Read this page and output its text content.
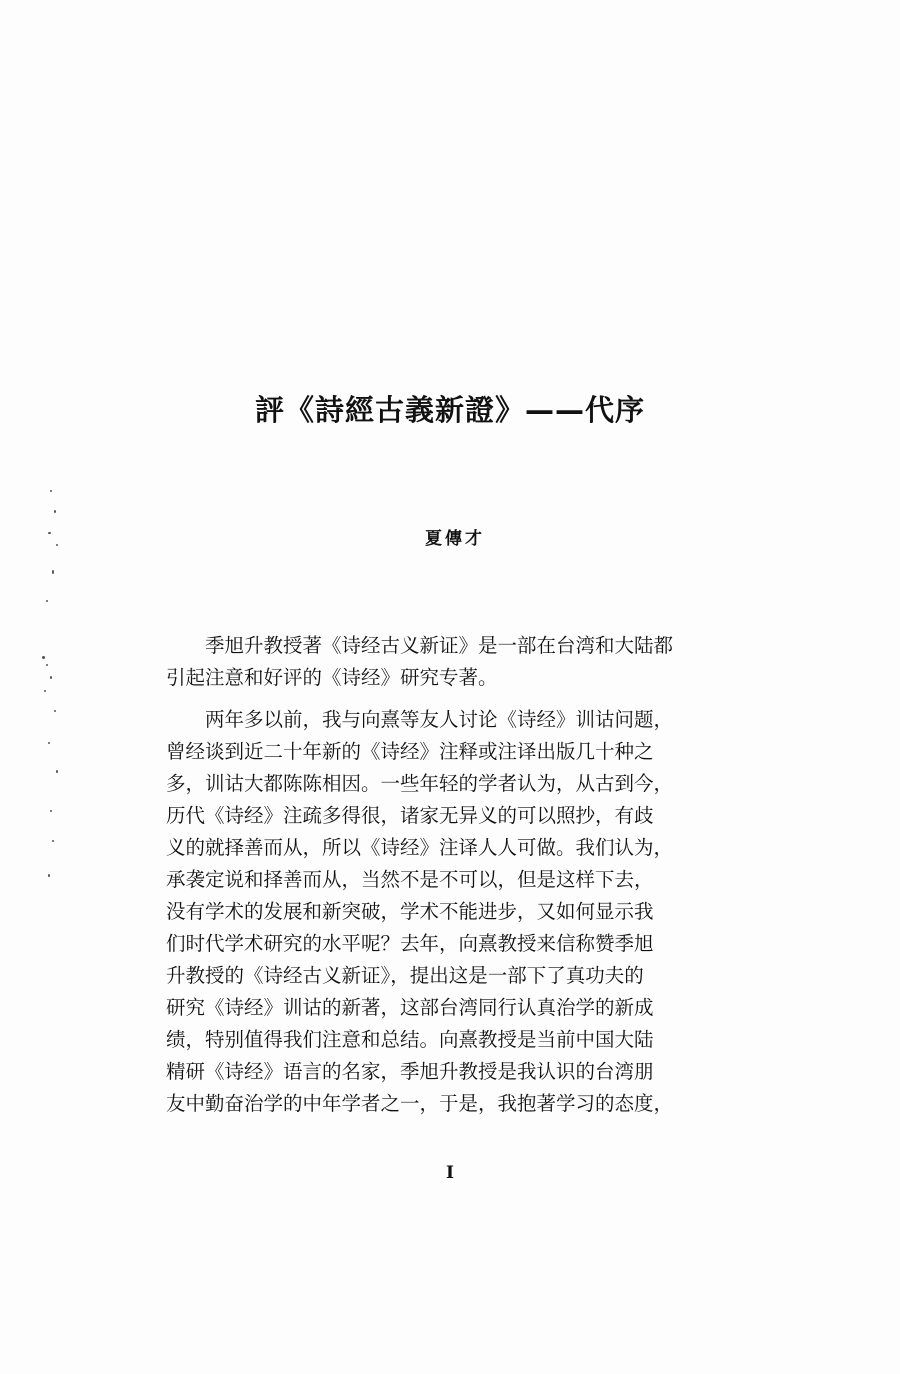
評《詩經古義新證》——代序

夏傳才

　　季旭升教授著《诗经古义新证》是一部在台湾和大陆都
引起注意和好评的《诗经》研究专著。
　　两年多以前，我与向熹等友人讨论《诗经》训诂问题，
曾经谈到近二十年新的《诗经》注释或注译出版几十种之
多，训诂大都陈陈相因。一些年轻的学者认为，从古到今，
历代《诗经》注疏多得很，诸家无异义的可以照抄，有歧
义的就择善而从，所以《诗经》注译人人可做。我们认为，
承袭定说和择善而从，当然不是不可以，但是这样下去，
没有学术的发展和新突破，学术不能进步，又如何显示我
们时代学术研究的水平呢？去年，向熹教授来信称赞季旭
升教授的《诗经古义新证》，提出这是一部下了真功夫的
研究《诗经》训诂的新著，这部台湾同行认真治学的新成
绩，特别值得我们注意和总结。向熹教授是当前中国大陆
精研《诗经》语言的名家，季旭升教授是我认识的台湾朋
友中勤奋治学的中年学者之一，于是，我抱著学习的态度，

I
